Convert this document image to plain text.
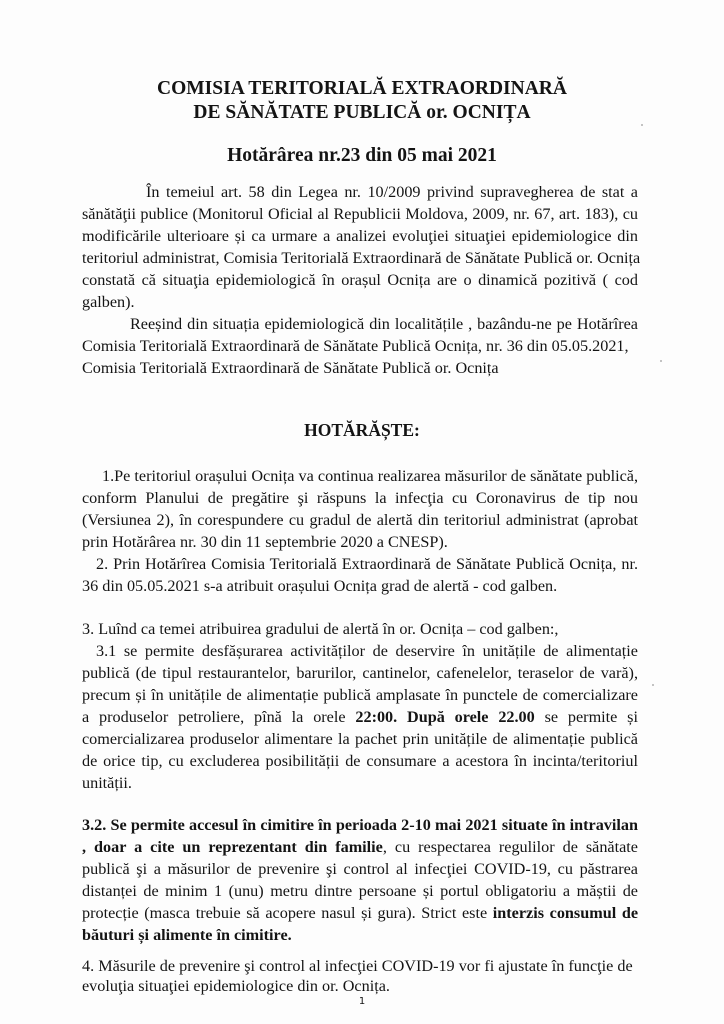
COMISIA TERITORIALĂ EXTRAORDINARĂ
DE SĂNĂTATE PUBLICĂ or. OCNIȚA
Hotărârea nr.23 din 05 mai 2021
În temeiul art. 58 din Legea nr. 10/2009 privind supravegherea de stat a
sănătăţii publice (Monitorul Oficial al Republicii Moldova, 2009, nr. 67, art. 183), cu
modificările ulterioare și ca urmare a analizei evoluţiei situaţiei epidemiologice din
teritoriul administrat, Comisia Teritorială Extraordinară de Sănătate Publică or. Ocnița
constată că situaţia epidemiologică în orașul Ocnița are o dinamică pozitivă ( cod
galben).
Reeșind din situația epidemiologică din localitățile , bazându-ne pe Hotărîrea
Comisia Teritorială Extraordinară de Sănătate Publică Ocnița, nr. 36 din 05.05.2021,
Comisia Teritorială Extraordinară de Sănătate Publică or. Ocnița
HOTĂRĂȘTE:
1.Pe teritoriul orașului Ocnița va continua realizarea măsurilor de sănătate publică,
conform Planului de pregătire şi răspuns la infecţia cu Coronavirus de tip nou
(Versiunea 2), în corespundere cu gradul de alertă din teritoriul administrat (aprobat
prin Hotărârea nr. 30 din 11 septembrie 2020 a CNESP).
2. Prin Hotărîrea Comisia Teritorială Extraordinară de Sănătate Publică Ocnița, nr.
36 din 05.05.2021 s-a atribuit orașului Ocnița grad de alertă - cod galben.
3. Luînd ca temei atribuirea gradului de alertă în or. Ocnița – cod galben:,
3.1 se permite desfășurarea activităților de deservire în unitățile de alimentație
publică (de tipul restaurantelor, barurilor, cantinelor, cafenelelor, teraselor de vară),
precum și în unitățile de alimentație publică amplasate în punctele de comercializare
a produselor petroliere, pînă la orele 22:00. După orele 22.00 se permite și
comercializarea produselor alimentare la pachet prin unitățile de alimentație publică
de orice tip, cu excluderea posibilității de consumare a acestora în incinta/teritoriul
unității.
3.2. Se permite accesul în cimitire în perioada 2-10 mai 2021 situate în intravilan
, doar a cite un reprezentant din familie, cu respectarea regulilor de sănătate
publică şi a măsurilor de prevenire şi control al infecţiei COVID-19, cu păstrarea
distanței de minim 1 (unu) metru dintre persoane și portul obligatoriu a măștii de
protecție (masca trebuie să acopere nasul și gura). Strict este interzis consumul de
băuturi și alimente în cimitire.
4. Măsurile de prevenire şi control al infecţiei COVID-19 vor fi ajustate în funcţie de
evoluţia situaţiei epidemiologice din or. Ocnița.
1
